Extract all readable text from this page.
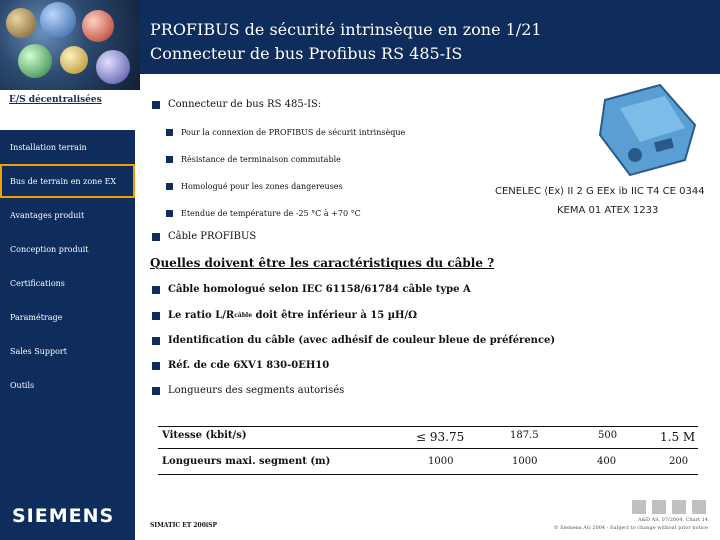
PROFIBUS de sécurité intrinsèque en zone 1/21
Connecteur de bus Profibus RS 485-IS
E/S décentralisées
Installation terrain
Bus de terrain en zone EX
Avantages produit
Conception produit
Certifications
Paramétrage
Sales Support
Outils
SIEMENS
Connecteur de bus RS 485-IS:
Pour la connexion de PROFIBUS de sécurit intrinsèque
Résistance de terminaison commutable
Homologué pour les zones dangereuses
Etendue de température de -25 °C à +70 °C
Câble PROFIBUS
Quelles doivent être les caractéristiques du câble ?
Câble homologué selon IEC 61158/61784 câble type A
Le ratio L/R câble
doit être inférieur à 15 µH/Ω
Identification du câble (avec adhésif de couleur bleue de préférence)
Réf. de cde 6XV1 830-0EH10
Longueurs des segments autorisés
CENELEC ⟨Ex⟩ II 2 G EEx ib IIC T4 CE 0344
KEMA 01 ATEX 1233
Vitesse (kbit/s)	≤ 93.75	187.5	500	1.5 M
Longueurs maxi. segment (m)	1000	1000	400	200
SIMATIC ET 200iSP
A&D AS, 07/2004, Chart 14
© Siemens AG 2004 - Subject to change without prior notice
